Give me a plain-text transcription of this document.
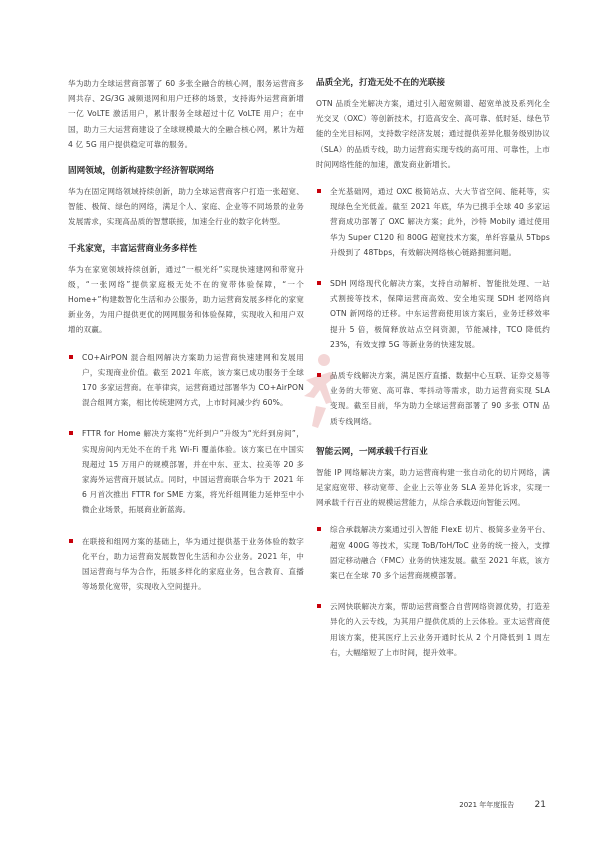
华为助力全球运营商部署了 60 多张全融合的核心网，服务运营商多网共存、2G/3G 减频退网和用户迁移的场景，支持海外运营商新增一亿 VoLTE 激活用户，累计服务全球超过十亿 VoLTE 用户；在中国，助力三大运营商建设了全球规模最大的全融合核心网，累计为超 4 亿 5G 用户提供稳定可靠的服务。

固网领域，创新构建数字经济智联网络

华为在固定网络领域持续创新，助力全球运营商客户打造一张超宽、智能、极简、绿色的网络，满足个人、家庭、企业等不同场景的业务发展需求，实现高品质的智慧联接，加速全行业的数字化转型。

千兆家宽，丰富运营商业务多样性

华为在家宽领域持续创新，通过“一根光纤”实现快速建网和带宽升级，“一张网络”提供家庭极无处不在的宽带体验保障，“一个 Home+”构建数智化生活和办公服务，助力运营商发展多样化的家宽新业务，为用户提供更优的网网服务和体验保障，实现收入和用户双增的双赢。

CO+AirPON 混合组网解决方案助力运营商快速建网和发展用户，实现商业价值。截至 2021 年底，该方案已成功服务于全球 170 多家运营商。在菲律宾，运营商通过部署华为 CO+AirPON 混合组网方案，相比传统建网方式，上市时间减少约 60%。
FTTR for Home 解决方案将“光纤到户”升级为“光纤到房间”，实现房间内无处不在的千兆 Wi-Fi 覆盖体验。该方案已在中国实现超过 15 万用户的规模部署，并在中东、亚太、拉美等 20 多家海外运营商开展试点。同时，中国运营商联合华为于 2021 年 6 月首次推出 FTTR for SME 方案，将光纤组网能力延伸至中小微企业场景，拓展商业新蓝海。
在联接和组网方案的基础上，华为通过提供基于业务体验的数字化平台，助力运营商发展数智化生活和办公业务。2021 年，中国运营商与华为合作，拓展多样化的家庭业务，包含教育、直播等场景化宽带，实现收入空间提升。
品质全光，打造无处不在的光联接

OTN 品质全光解决方案，通过引入超宽频谱、超宽单波及系列化全光交叉（OXC）等创新技术，打造高安全、高可靠、低时延、绿色节能的全光目标网，支持数字经济发展；通过提供差异化服务级别协议（SLA）的品质专线，助力运营商实现专线的高可用、可靠性，上市时间网络性能的加速，激发商业新增长。

全光基础网，通过 OXC 极简站点、大大节省空间、能耗等，实现绿色全光低盖。截至 2021 年底，华为已携手全球 40 多家运营商成功部署了 OXC 解决方案；此外，沙特 Mobily 通过使用华为 Super C120 和 800G 超宽技术方案，单纤容量从 5Tbps 升级到了 48Tbps，有效解决网络核心链路拥塞问题。
SDH 网络现代化解决方案，支持自动解析、智能批处理、一站式割接等技术，保障运营商高效、安全地实现 SDH 老网络向 OTN 新网络的迁移。中东运营商使用该方案后，业务迁移效率提升 5 倍，极简释放站点空间资源，节能减排，TCO 降低约 23%，有效支撑 5G 等新业务的快速发展。
品质专线解决方案，满足医疗直播、数据中心互联、证券交易等业务的大带宽、高可靠、零抖动等需求，助力运营商实现 SLA 变现。截至目前，华为助力全球运营商部署了 90 多张 OTN 品质专线网络。
智能云网，一网承载千行百业

智能 IP 网络解决方案，助力运营商构建一张自动化的切片网络，满足家庭宽带、移动宽带、企业上云等业务 SLA 差异化诉求，实现一网承载千行百业的规模运营能力，从综合承载迈向智能云网。

综合承载解决方案通过引入智能 FlexE 切片、极简多业务平台、超宽 400G 等技术，实现 ToB/ToH/ToC 业务的统一接入，支撑固定移动融合（FMC）业务的快速发展。截至 2021 年底，该方案已在全球 70 多个运营商规模部署。
云网快联解决方案，帮助运营商整合自营网络资源优势，打造差异化的入云专线，为其用户提供优质的上云体验。亚太运营商使用该方案，使其医疗上云业务开通时长从 2 个月降低到 1 周左右，大幅缩短了上市时间，提升效率。
2021 年年度报告 21
